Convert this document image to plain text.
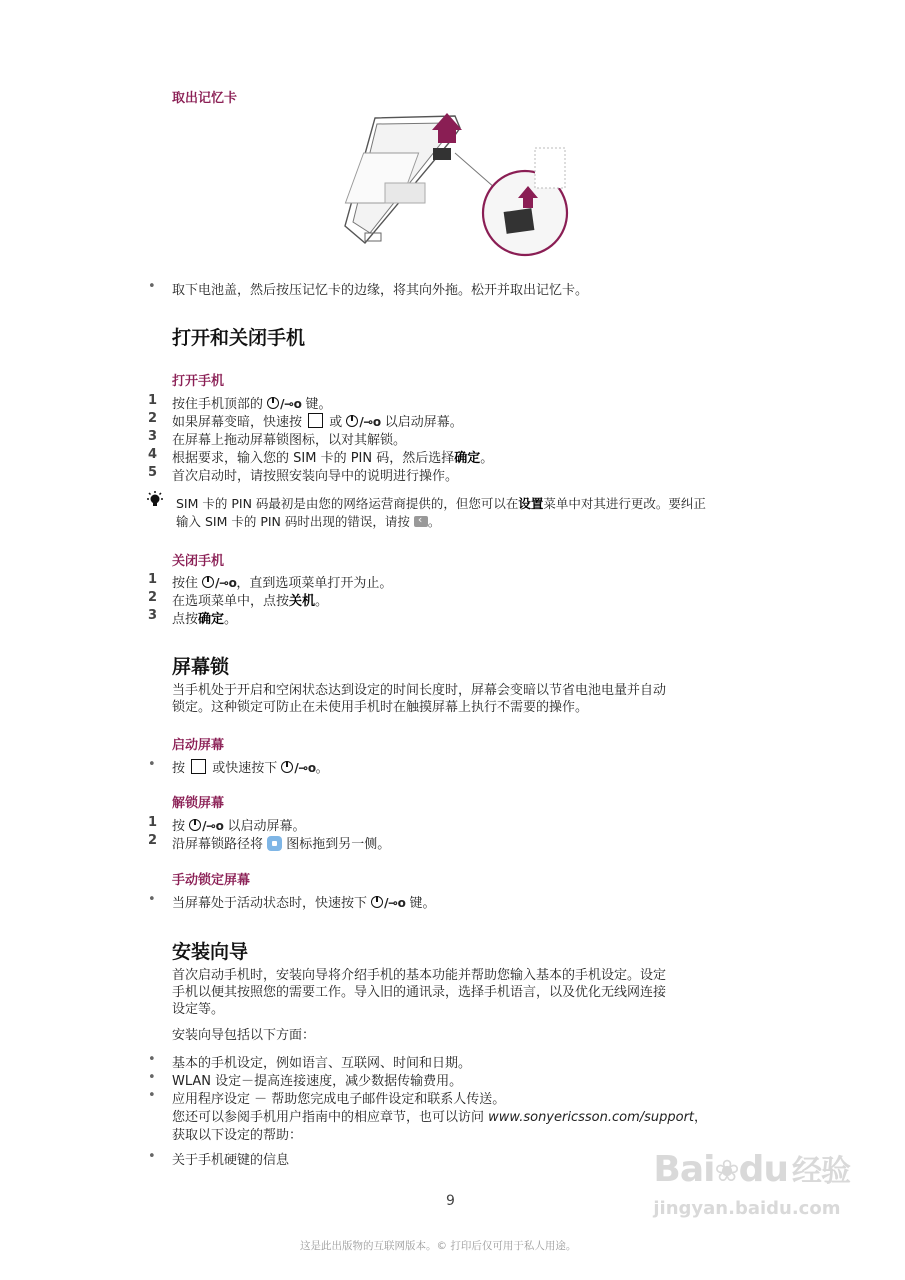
取出记忆卡
• 取下电池盖，然后按压记忆卡的边缘，将其向外拖。松开并取出记忆卡。
打开和关闭手机
打开手机
1 按住手机顶部的 /⊸o 键。
2 如果屏幕变暗，快速按  或 /⊸o 以启动屏幕。
3 在屏幕上拖动屏幕锁图标，以对其解锁。
4 根据要求，输入您的 SIM 卡的 PIN 码，然后选择确定。
5 首次启动时，请按照安装向导中的说明进行操作。
SIM 卡的 PIN 码最初是由您的网络运营商提供的，但您可以在设置菜单中对其进行更改。要纠正
输入 SIM 卡的 PIN 码时出现的错误，请按 ‹。
关闭手机
1 按住 /⊸o，直到选项菜单打开为止。
2 在选项菜单中，点按关机。
3 点按确定。
屏幕锁
当手机处于开启和空闲状态达到设定的时间长度时，屏幕会变暗以节省电池电量并自动
锁定。这种锁定可防止在未使用手机时在触摸屏幕上执行不需要的操作。
启动屏幕
• 按  或快速按下 /⊸o。
解锁屏幕
1 按 /⊸o 以启动屏幕。
2 沿屏幕锁路径将  图标拖到另一侧。
手动锁定屏幕
• 当屏幕处于活动状态时，快速按下 /⊸o 键。
安装向导
首次启动手机时，安装向导将介绍手机的基本功能并帮助您输入基本的手机设定。设定
手机以便其按照您的需要工作。导入旧的通讯录，选择手机语言，以及优化无线网连接
设定等。
安装向导包括以下方面：
• 基本的手机设定，例如语言、互联网、时间和日期。
• WLAN 设定－提高连接速度，减少数据传输费用。
• 应用程序设定 － 帮助您完成电子邮件设定和联系人传送。
您还可以参阅手机用户指南中的相应章节，也可以访问 www.sonyericsson.com/support，
获取以下设定的帮助：
• 关于手机硬键的信息
9
这是此出版物的互联网版本。© 打印后仅可用于私人用途。
Bai❀du 经验
jingyan.baidu.com
